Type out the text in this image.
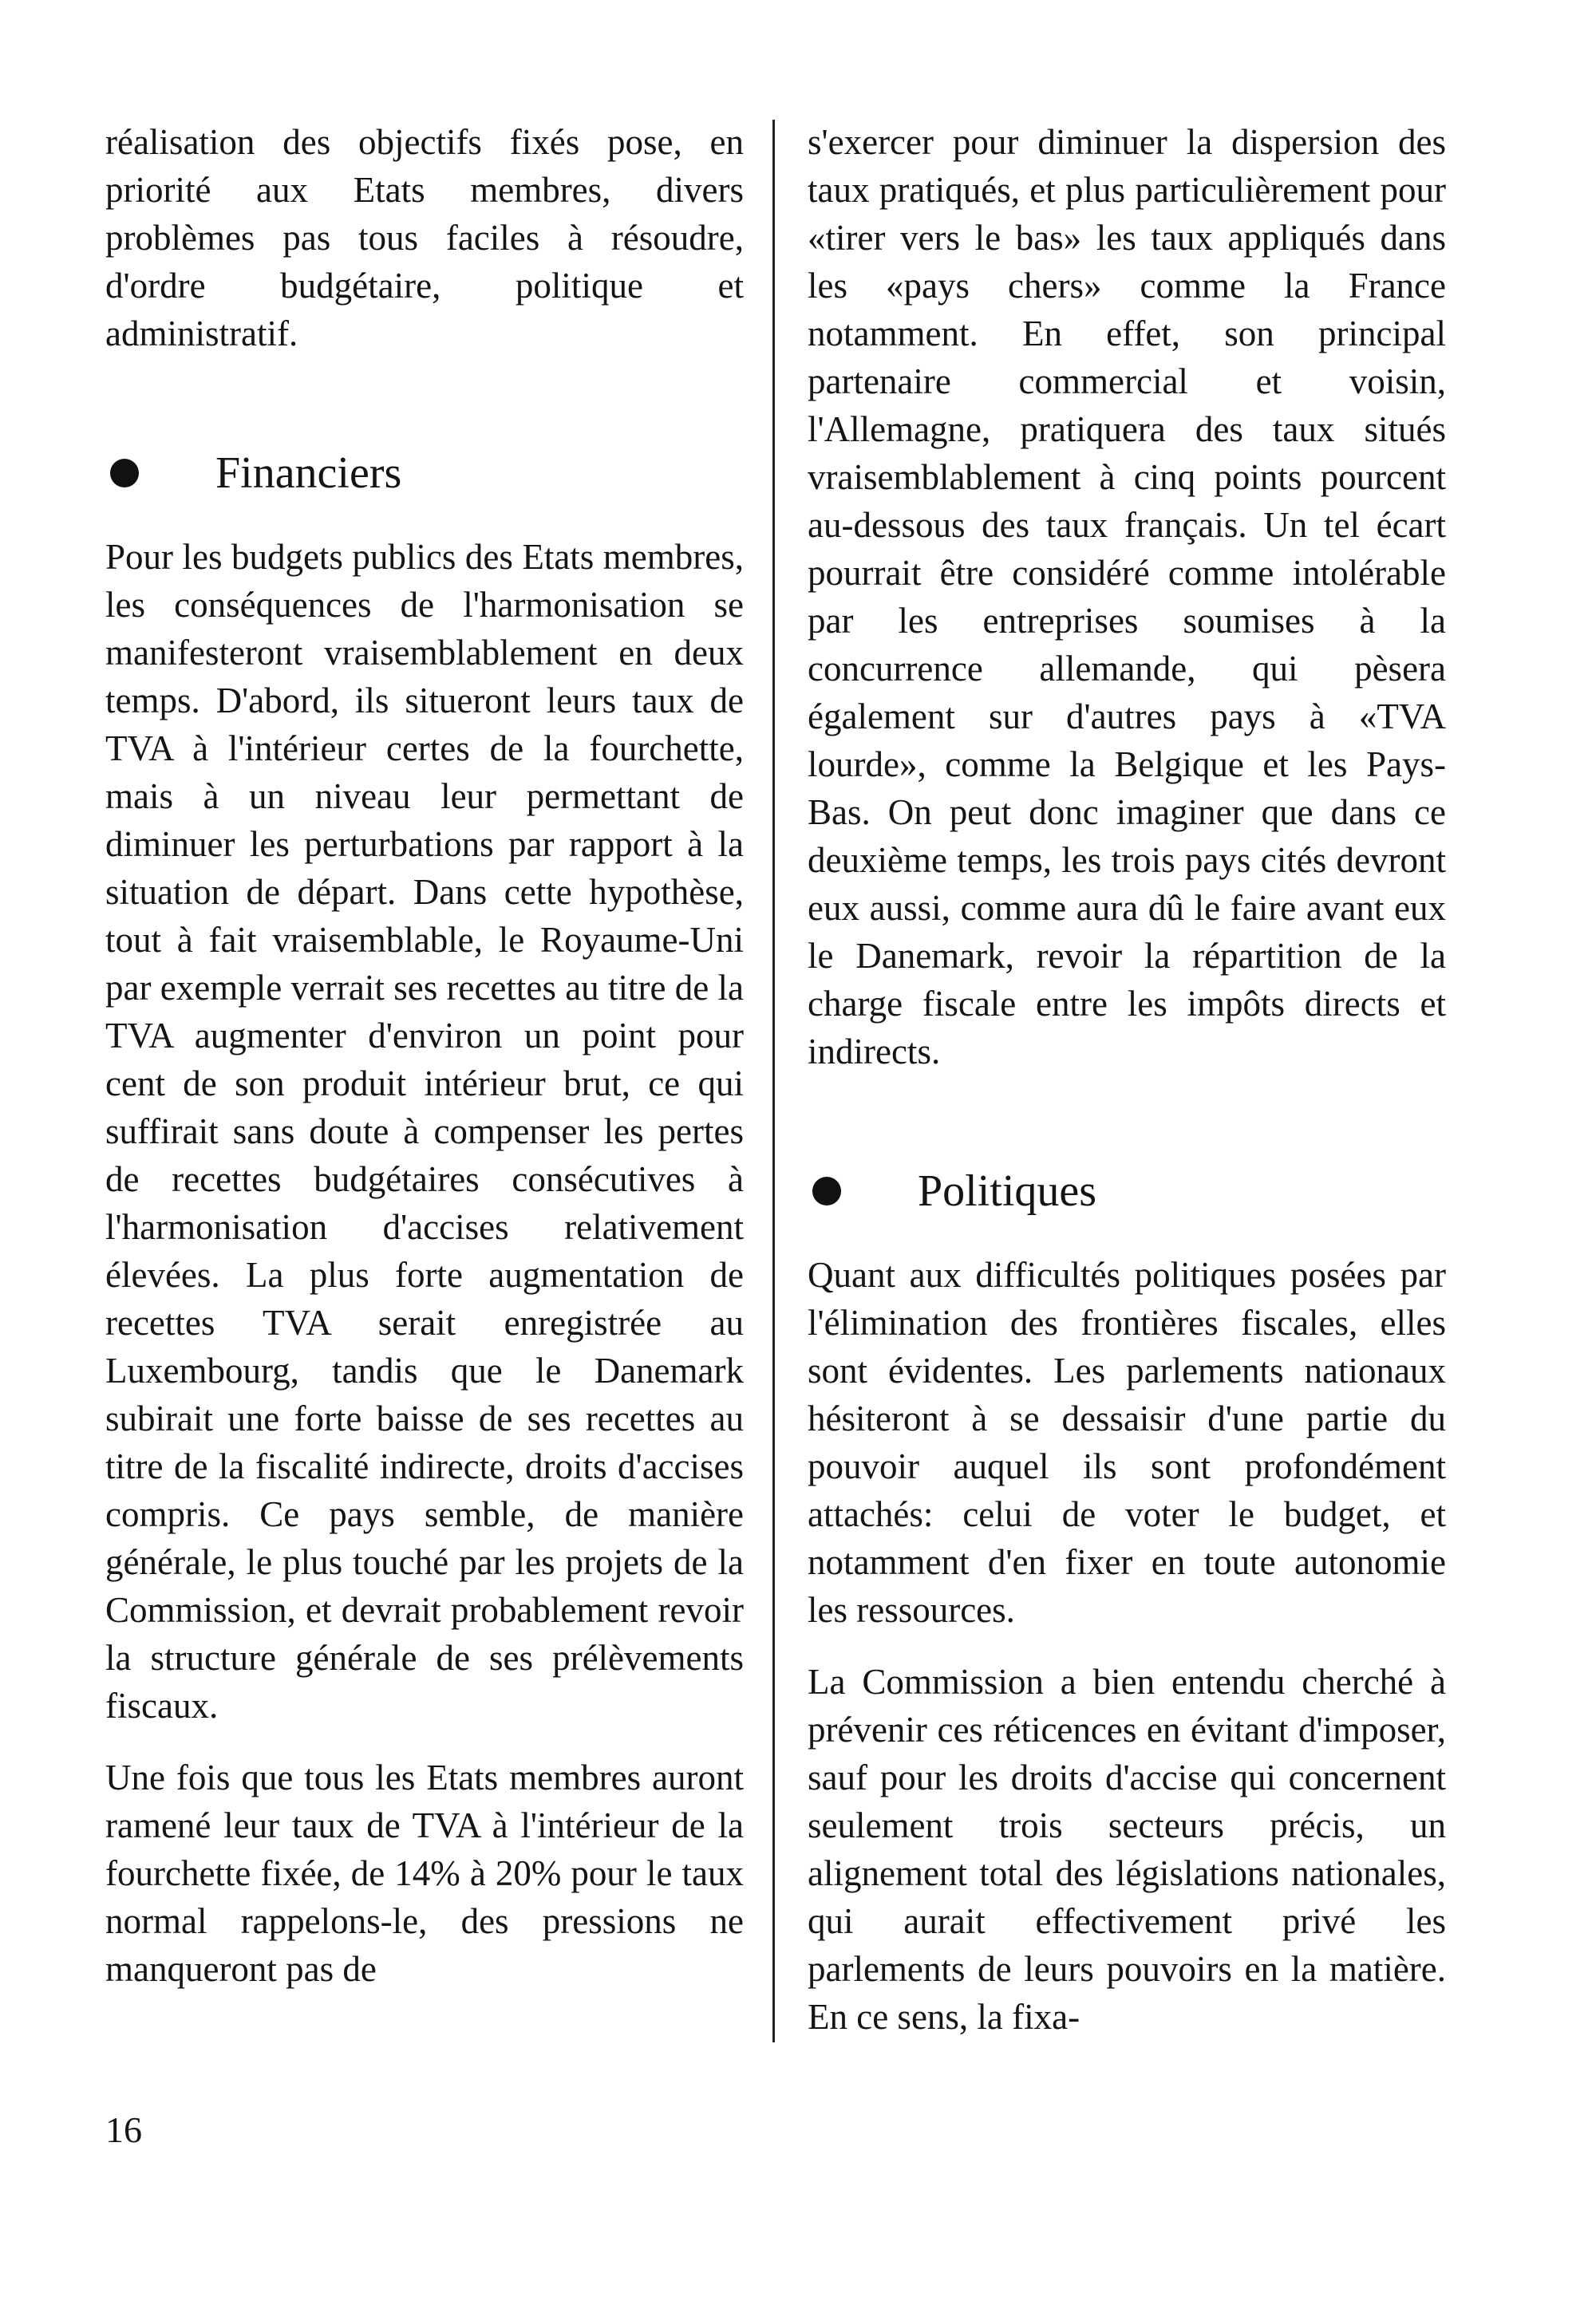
réalisation des objectifs fixés pose, en priorité aux Etats membres, divers problèmes pas tous faciles à résoudre, d'ordre budgétaire, politique et administratif.

Financiers

Pour les budgets publics des Etats membres, les conséquences de l'harmonisation se manifesteront vraisemblablement en deux temps. D'abord, ils situeront leurs taux de TVA à l'intérieur certes de la fourchette, mais à un niveau leur permettant de diminuer les perturbations par rapport à la situation de départ. Dans cette hypothèse, tout à fait vraisemblable, le Royaume-Uni par exemple verrait ses recettes au titre de la TVA augmenter d'environ un point pour cent de son produit intérieur brut, ce qui suffirait sans doute à compenser les pertes de recettes budgétaires consécutives à l'harmonisation d'accises relativement élevées. La plus forte augmentation de recettes TVA serait enregistrée au Luxembourg, tandis que le Danemark subirait une forte baisse de ses recettes au titre de la fiscalité indirecte, droits d'accises compris. Ce pays semble, de manière générale, le plus touché par les projets de la Commission, et devrait probablement revoir la structure générale de ses prélèvements fiscaux.

Une fois que tous les Etats membres auront ramené leur taux de TVA à l'intérieur de la fourchette fixée, de 14% à 20% pour le taux normal rappelons-le, des pressions ne manqueront pas de

s'exercer pour diminuer la dispersion des taux pratiqués, et plus particulièrement pour «tirer vers le bas» les taux appliqués dans les «pays chers» comme la France notamment. En effet, son principal partenaire commercial et voisin, l'Allemagne, pratiquera des taux situés vraisemblablement à cinq points pourcent au-dessous des taux français. Un tel écart pourrait être considéré comme intolérable par les entreprises soumises à la concurrence allemande, qui pèsera également sur d'autres pays à «TVA lourde», comme la Belgique et les Pays-Bas. On peut donc imaginer que dans ce deuxième temps, les trois pays cités devront eux aussi, comme aura dû le faire avant eux le Danemark, revoir la répartition de la charge fiscale entre les impôts directs et indirects.

Politiques

Quant aux difficultés politiques posées par l'élimination des frontières fiscales, elles sont évidentes. Les parlements nationaux hésiteront à se dessaisir d'une partie du pouvoir auquel ils sont profondément attachés: celui de voter le budget, et notamment d'en fixer en toute autonomie les ressources.

La Commission a bien entendu cherché à prévenir ces réticences en évitant d'imposer, sauf pour les droits d'accise qui concernent seulement trois secteurs précis, un alignement total des législations nationales, qui aurait effectivement privé les parlements de leurs pouvoirs en la matière. En ce sens, la fixa-

16
